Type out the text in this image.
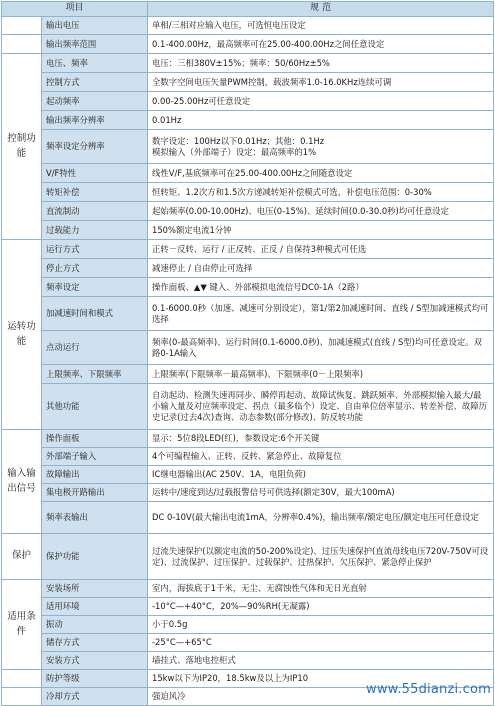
项目		规 范
	输出电压	单相/三相对应输入电压，可选恒电压设定
	输出频率范围	0.1-400.00Hz，最高频率可在25.00-400.00Hz之间任意设定
控制功能	电压、频率	电压：三相380V±15%；频率：50/60Hz±5%
	控制方式	全数字空间电压矢量PWM控制，载波频率1.0-16.0KHz连续可调
	起动频率	0.00-25.00Hz可任意设定
	输出频率分辨率	0.01Hz
	频率设定分辨率	数字设定：100Hz以下0.01Hz；其他：0.1Hz
模拟输入（外部端子）设定：最高频率的1%
	V/F特性	线性V/F,基底频率可在25.00-400.00Hz之间随意设定
	转矩补偿	恒转矩、1.2次方和1.5次方递减转矩补偿模式可选，补偿电压范围：0-30%
	直流制动	起始频率(0.00-10.00Hz)、电压(0-15%)、延续时间(0.0-30.0秒)均可任意设定
	过载能力	150%额定电流1分钟
运转功能	运行方式	正转－反转、运行 / 正反转、正反 / 自保持3种模式可任选
	停止方式	减速停止 / 自由停止可选择
	频率设定	操作面板、▲▼ 键入、外部模拟电流信号DC0-1A（2路）
	加减速时间和模式	0.1-6000.0秒（加速、减速可分别设定），第1/第2加减速时间、直线 / S型加减速模式均可选择
	点动运行	频率(0-最高频率)、运行时间(0.1-6000.0秒)、加减速模式(直线 / S型)均可任意设定。双路0-1A输入
	上限频率、下限频率	上限频率(下限频率－最高频率)、下限频率(0－上限频率)
	其他功能	自动起动、检测失速再同步、瞬停再起动、故障试恢复、跳跃频率、外部模拟输入最大/最小输入量及对应频率设定、拐点（最多临个）设定、自由单位倍率显示、转差补偿、故障历史记录(过去4次)查询、动态参数(部分修改)、防反转功能
输入输出信号	操作面板	显示：5位8段LED(红)，参数设定:6个开关键
	外部端子输入	4个可编程输入、正转、反转、紧急停止、故障复位
	故障输出	IC继电器输出(AC 250V、1A，电阻负荷)
	集电极开路输出	运转中/速度到达/过载报警信号可供选择(额定30V，最大100mA)
	频率表输出	DC 0-10V(最大输出电流1mA，分辨率0.4%)，输出频率/额定电压/额定电压可任意设定
保护	保护功能	过流失速保护(以额定电流的50-200%设定)、过压失速保护(直流母线电压720V-750V可设定)、过流保护、过压保护、过载保护、过热保护、欠压保护、紧急停止保护
适用条件	安装场所	室内，海拔底于1千米，无尘、无腐蚀性气体和无日光直射
	适用环境	-10°C—+40°C，20%—90%RH(无凝露)
	振动	小于0.5g
	储存方式	-25°C—+65°C
	安装方式	墙挂式、落地电控柜式
	防护等级	15kw以下为IP20，18.5kw及以上为IP10
	冷却方式	强迫风冷	www.55dianzi.com
